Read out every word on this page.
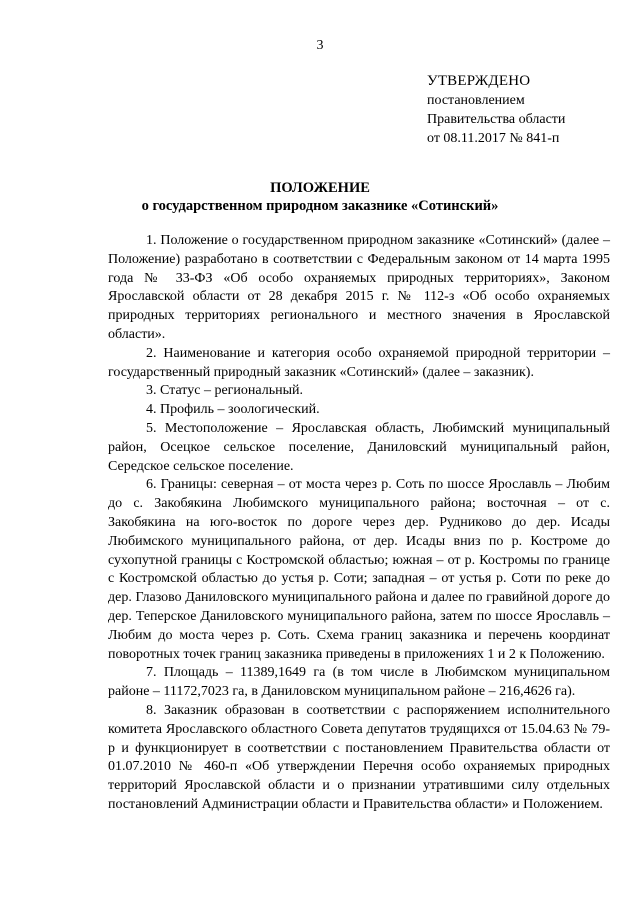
3
УТВЕРЖДЕНО
постановлением
Правительства области
от 08.11.2017 № 841-п
ПОЛОЖЕНИЕ
о государственном природном заказнике «Сотинский»

1. Положение о государственном природном заказнике «Сотинский» (далее – Положение) разработано в соответствии с Федеральным законом от 14 марта 1995 года № 33-ФЗ «Об особо охраняемых природных территориях», Законом Ярославской области от 28 декабря 2015 г. № 112-з «Об особо охраняемых природных территориях регионального и местного значения в Ярославской области».

2. Наименование и категория особо охраняемой природной территории – государственный природный заказник «Сотинский» (далее – заказник).

3. Статус – региональный.

4. Профиль – зоологический.

5. Местоположение – Ярославская область, Любимский муниципальный район, Осецкое сельское поселение, Даниловский муниципальный район, Середское сельское поселение.

6. Границы: северная – от моста через р. Соть по шоссе Ярославль – Любим до с. Закобякина Любимского муниципального района; восточная – от с. Закобякина на юго-восток по дороге через дер. Рудниково до дер. Исады Любимского муниципального района, от дер. Исады вниз по р. Костроме до сухопутной границы с Костромской областью; южная – от р. Костромы по границе с Костромской областью до устья р. Соти; западная – от устья р. Соти по реке до дер. Глазово Даниловского муниципального района и далее по гравийной дороге до дер. Теперское Даниловского муниципального района, затем по шоссе Ярославль – Любим до моста через р. Соть. Схема границ заказника и перечень координат поворотных точек границ заказника приведены в приложениях 1 и 2 к Положению.

7. Площадь – 11389,1649 га (в том числе в Любимском муниципальном районе – 11172,7023 га, в Даниловском муниципальном районе – 216,4626 га).

8. Заказник образован в соответствии с распоряжением исполнительного комитета Ярославского областного Совета депутатов трудящихся от 15.04.63 № 79-р и функционирует в соответствии с постановлением Правительства области от 01.07.2010 № 460-п «Об утверждении Перечня особо охраняемых природных территорий Ярославской области и о признании утратившими силу отдельных постановлений Администрации области и Правительства области» и Положением.
